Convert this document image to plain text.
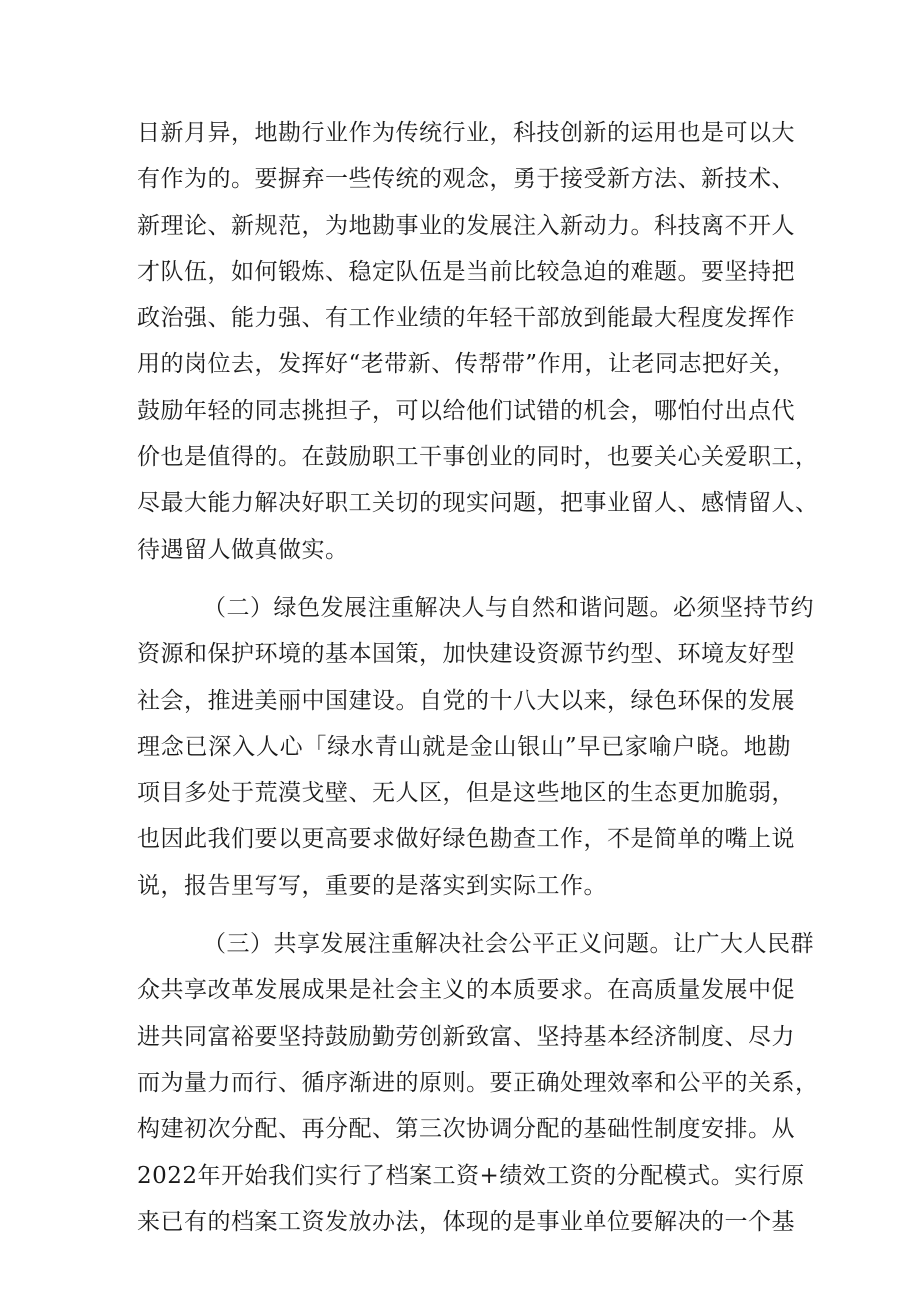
日新月异，地勘行业作为传统行业，科技创新的运用也是可以大
有作为的。要摒弃一些传统的观念，勇于接受新方法、新技术、
新理论、新规范，为地勘事业的发展注入新动力。科技离不开人
才队伍，如何锻炼、稳定队伍是当前比较急迫的难题。要坚持把
政治强、能力强、有工作业绩的年轻干部放到能最大程度发挥作
用的岗位去，发挥好“老带新、传帮带”作用，让老同志把好关，
鼓励年轻的同志挑担子，可以给他们试错的机会，哪怕付出点代
价也是值得的。在鼓励职工干事创业的同时，也要关心关爱职工，
尽最大能力解决好职工关切的现实问题，把事业留人、感情留人、
待遇留人做真做实。
（二）绿色发展注重解决人与自然和谐问题。必须坚持节约
资源和保护环境的基本国策，加快建设资源节约型、环境友好型
社会，推进美丽中国建设。自党的十八大以来，绿色环保的发展
理念已深入人心「绿水青山就是金山银山”早已家喻户晓。地勘
项目多处于荒漠戈壁、无人区，但是这些地区的生态更加脆弱，
也因此我们要以更高要求做好绿色勘查工作，不是简单的嘴上说
说，报告里写写，重要的是落实到实际工作。
（三）共享发展注重解决社会公平正义问题。让广大人民群
众共享改革发展成果是社会主义的本质要求。在高质量发展中促
进共同富裕要坚持鼓励勤劳创新致富、坚持基本经济制度、尽力
而为量力而行、循序渐进的原则。要正确处理效率和公平的关系，
构建初次分配、再分配、第三次协调分配的基础性制度安排。从
2022年开始我们实行了档案工资+绩效工资的分配模式。实行原
来已有的档案工资发放办法，体现的是事业单位要解决的一个基
